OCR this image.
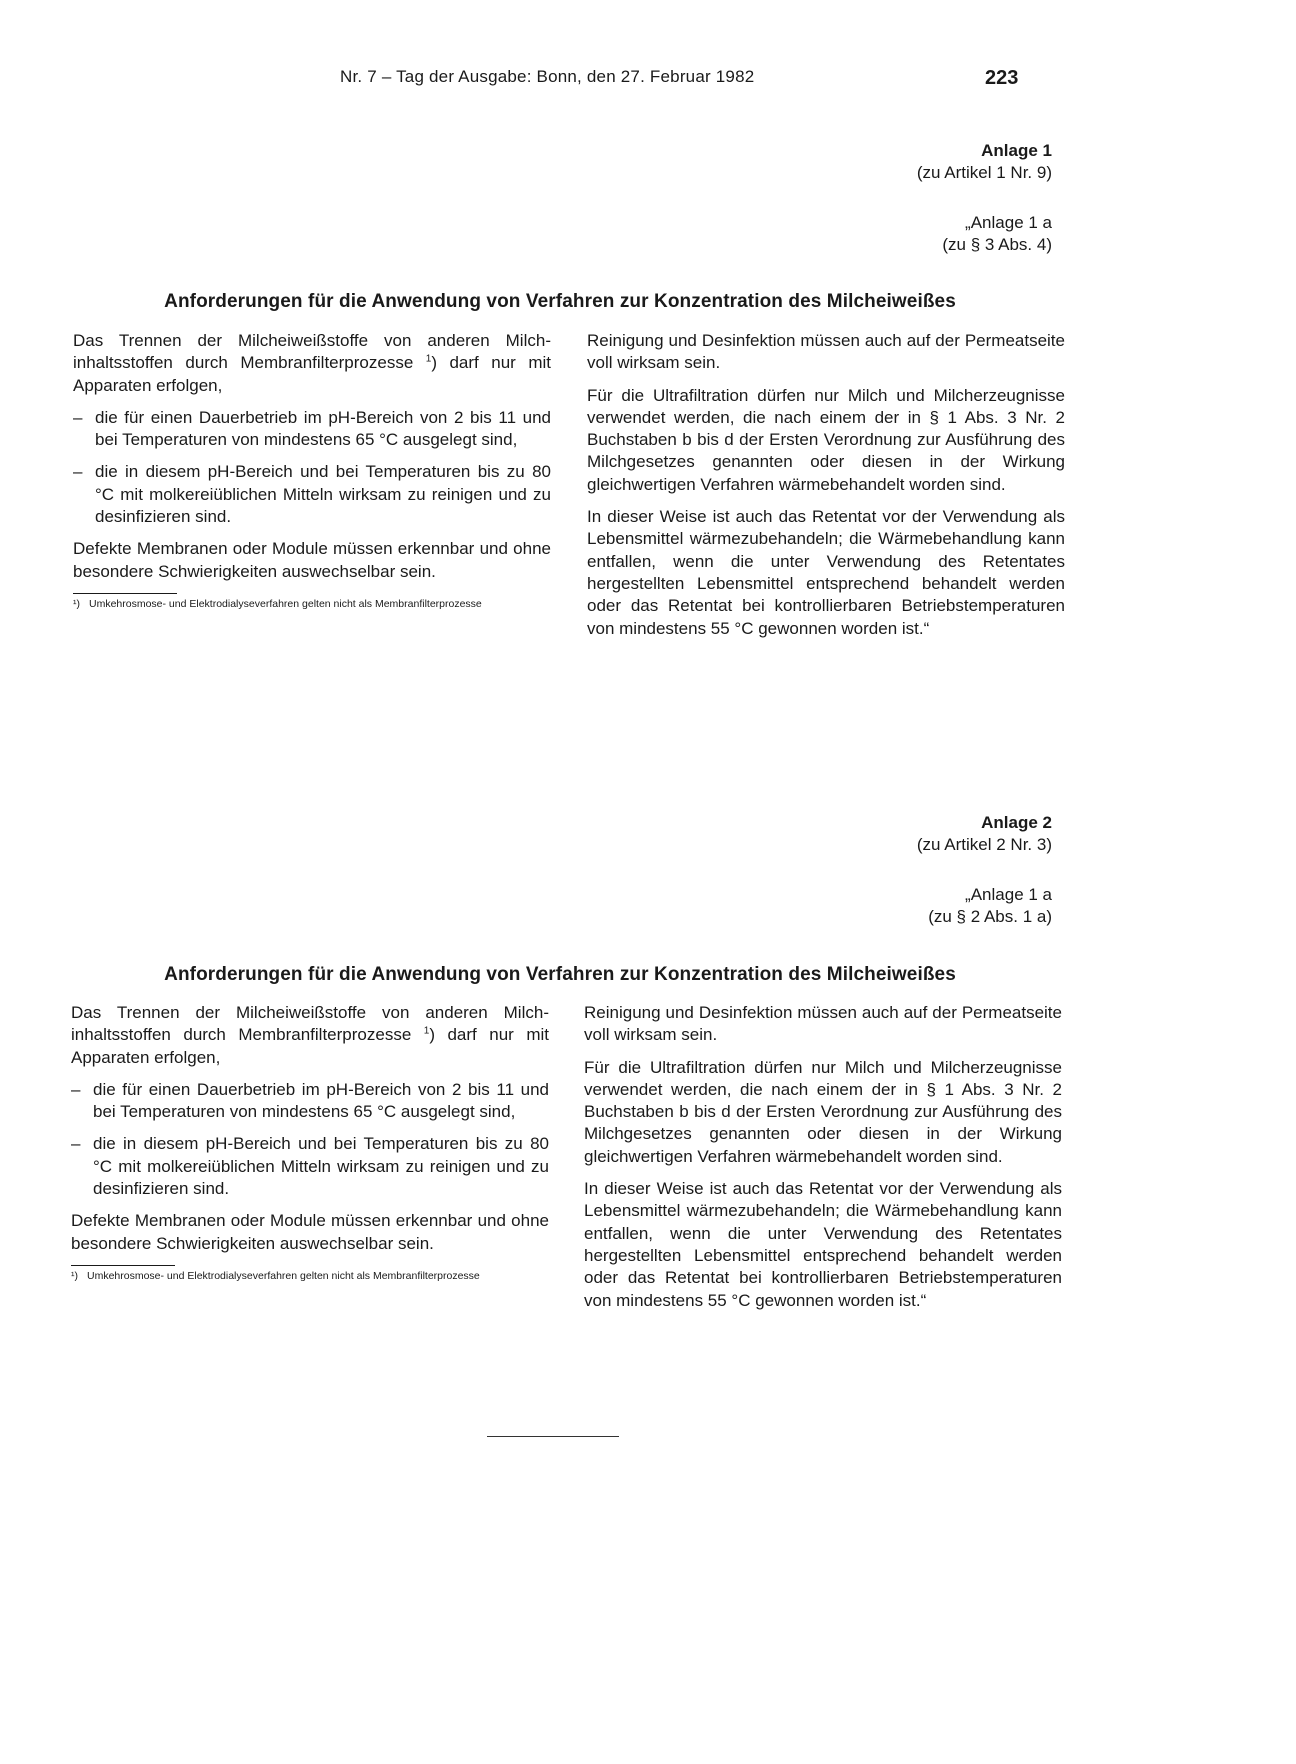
Nr. 7 – Tag der Ausgabe: Bonn, den 27. Februar 1982	223
Anlage 1
(zu Artikel 1 Nr. 9)
„Anlage 1 a
(zu § 3 Abs. 4)
Anforderungen für die Anwendung von Verfahren zur Konzentration des Milcheiweißes

Das Trennen der Milcheiweißstoffe von anderen Milchinhaltsstoffen durch Membranfilterprozesse $^1$) darf nur mit Apparaten erfolgen,

– die für einen Dauerbetrieb im pH-Bereich von 2 bis 11 und bei Temperaturen von mindestens 65 °C ausgelegt sind,
– die in diesem pH-Bereich und bei Temperaturen bis zu 80 °C mit molkereiüblichen Mitteln wirksam zu reinigen und zu desinfizieren sind.

Defekte Membranen oder Module müssen erkennbar und ohne besondere Schwierigkeiten auswechselbar sein.

¹) Umkehrosmose- und Elektrodialyseverfahren gelten nicht als Membranfilterprozesse

Reinigung und Desinfektion müssen auch auf der Permeatseite voll wirksam sein.

Für die Ultrafiltration dürfen nur Milch und Milcherzeugnisse verwendet werden, die nach einem der in § 1 Abs. 3 Nr. 2 Buchstaben b bis d der Ersten Verordnung zur Ausführung des Milchgesetzes genannten oder diesen in der Wirkung gleichwertigen Verfahren wärmebehandelt worden sind.

In dieser Weise ist auch das Retentat vor der Verwendung als Lebensmittel wärmezubehandeln; die Wärmebehandlung kann entfallen, wenn die unter Verwendung des Retentates hergestellten Lebensmittel entsprechend behandelt werden oder das Retentat bei kontrollierbaren Betriebstemperaturen von mindestens 55 °C gewonnen worden ist.“

Anlage 2
(zu Artikel 2 Nr. 3)
„Anlage 1 a
(zu § 2 Abs. 1 a)
Anforderungen für die Anwendung von Verfahren zur Konzentration des Milcheiweißes

Das Trennen der Milcheiweißstoffe von anderen Milchinhaltsstoffen durch Membranfilterprozesse $^1$) darf nur mit Apparaten erfolgen,

– die für einen Dauerbetrieb im pH-Bereich von 2 bis 11 und bei Temperaturen von mindestens 65 °C ausgelegt sind,
– die in diesem pH-Bereich und bei Temperaturen bis zu 80 °C mit molkereiüblichen Mitteln wirksam zu reinigen und zu desinfizieren sind.

Defekte Membranen oder Module müssen erkennbar und ohne besondere Schwierigkeiten auswechselbar sein.

¹) Umkehrosmose- und Elektrodialyseverfahren gelten nicht als Membranfilterprozesse

Reinigung und Desinfektion müssen auch auf der Permeatseite voll wirksam sein.

Für die Ultrafiltration dürfen nur Milch und Milcherzeugnisse verwendet werden, die nach einem der in § 1 Abs. 3 Nr. 2 Buchstaben b bis d der Ersten Verordnung zur Ausführung des Milchgesetzes genannten oder diesen in der Wirkung gleichwertigen Verfahren wärmebehandelt worden sind.

In dieser Weise ist auch das Retentat vor der Verwendung als Lebensmittel wärmezubehandeln; die Wärmebehandlung kann entfallen, wenn die unter Verwendung des Retentates hergestellten Lebensmittel entsprechend behandelt werden oder das Retentat bei kontrollierbaren Betriebstemperaturen von mindestens 55 °C gewonnen worden ist.“
